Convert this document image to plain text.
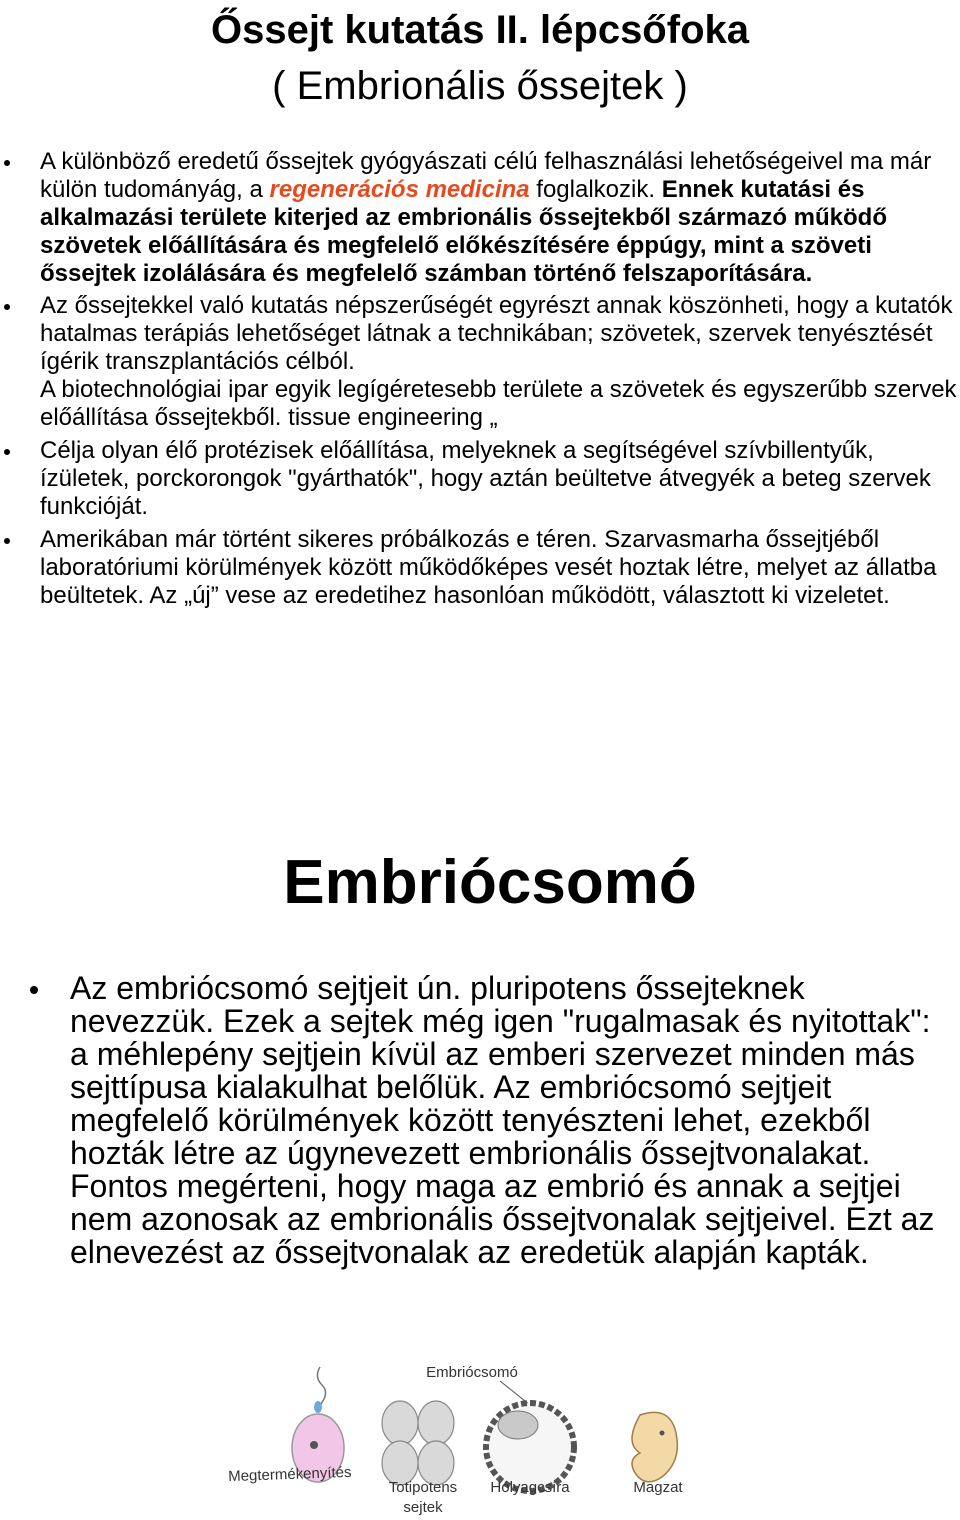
Őssejt kutatás II. lépcsőfoka
( Embrionális őssejtek )
A különböző eredetű őssejtek gyógyászati célú felhasználási lehetőségeivel ma már külön tudományág, a regenerációs medicina foglalkozik. Ennek kutatási és alkalmazási területe kiterjed az embrionális őssejtekből származó működő szövetek előállítására és megfelelő előkészítésére éppúgy, mint a szöveti őssejtek izolálására és megfelelő számban történő felszaporítására.
Az őssejtekkel való kutatás népszerűségét egyrészt annak köszönheti, hogy a kutatók hatalmas terápiás lehetőséget látnak a technikában; szövetek, szervek tenyésztését ígérik transzplantációs célból.
A biotechnológiai ipar egyik legígéretesebb területe a szövetek és egyszerűbb szervek előállítása őssejtekből. tissue engineering „
Célja olyan élő protézisek előállítása, melyeknek a segítségével szívbillentyűk, ízületek, porckorongok "gyárthatók", hogy aztán beültetve átvegyék a beteg szervek funkcióját.
Amerikában már történt sikeres próbálkozás e téren. Szarvasmarha őssejtjéből laboratóriumi körülmények között működőképes vesét hoztak létre, melyet az állatba beültetek. Az „új” vese az eredetihez hasonlóan működött, választott ki vizeletet.
Embriócsomó
Az embriócsomó sejtjeit ún. pluripotens őssejteknek nevezzük. Ezek a sejtek még igen "rugalmasak és nyitottak": a méhlepény sejtjein kívül az emberi szervezet minden más sejttípusa kialakulhat belőlük. Az embriócsomó sejtjeit megfelelő körülmények között tenyészteni lehet, ezekből hozták létre az úgynevezett embrionális őssejtvonalakat. Fontos megérteni, hogy maga az embrió és annak a sejtjei nem azonosak az embrionális őssejtvonalak sejtjeivel. Ezt az elnevezést az őssejtvonalak az eredetük alapján kapták.
Embriócsomó
Megtermékenyítés
Totipotens
sejtek
Hólyagcsíra	Magzat
